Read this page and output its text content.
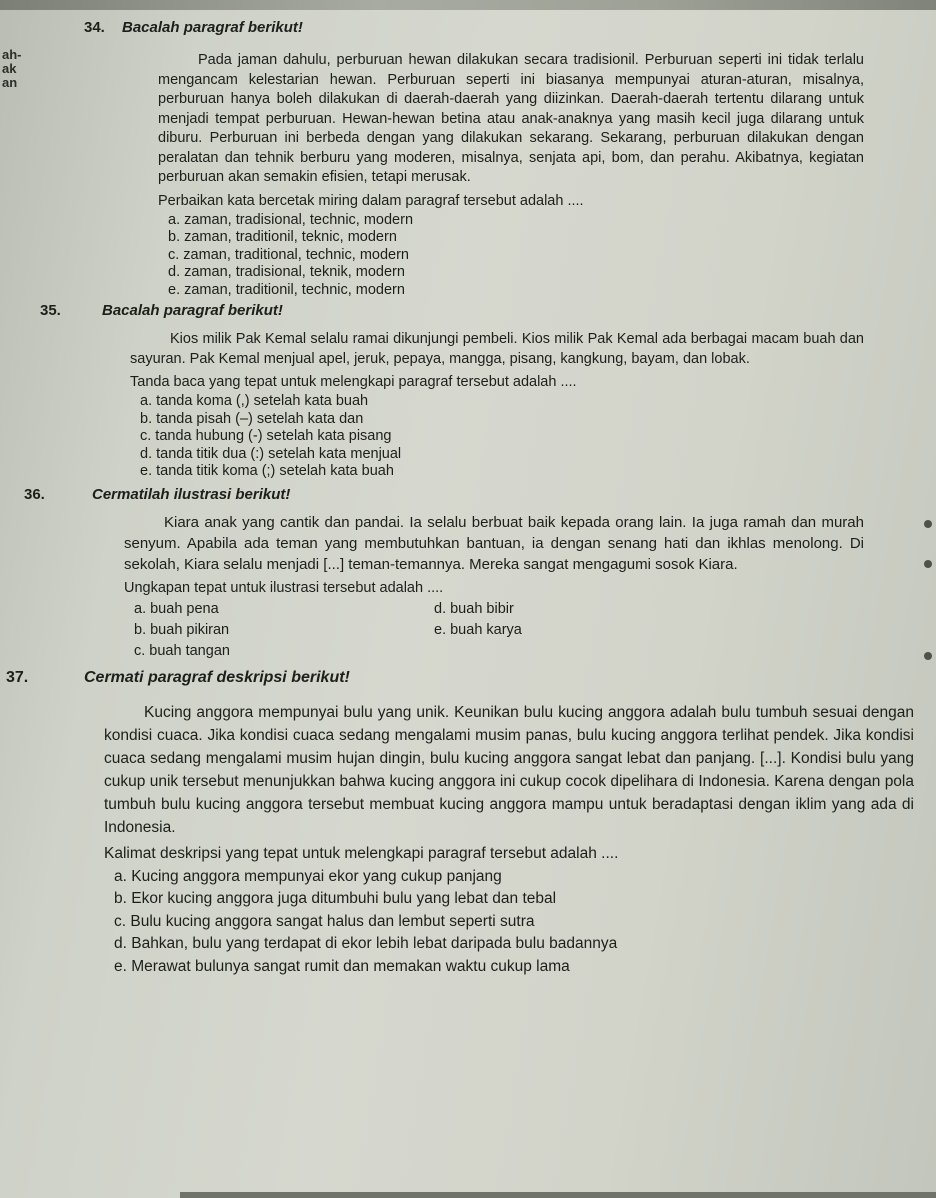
ah-
ak
an
34.	Bacalah paragraf berikut!

Pada jaman dahulu, perburuan hewan dilakukan secara tradisionil. Perburuan seperti ini tidak terlalu mengancam kelestarian hewan. Perburuan seperti ini biasanya mempunyai aturan-aturan, misalnya, perburuan hanya boleh dilakukan di daerah-daerah yang diizinkan. Daerah-daerah tertentu dilarang untuk menjadi tempat perburuan. Hewan-hewan betina atau anak-anaknya yang masih kecil juga dilarang untuk diburu. Perburuan ini berbeda dengan yang dilakukan sekarang. Sekarang, perburuan dilakukan dengan peralatan dan tehnik berburu yang moderen, misalnya, senjata api, bom, dan perahu. Akibatnya, kegiatan perburuan akan semakin efisien, tetapi merusak.

Perbaikan kata bercetak miring dalam paragraf tersebut adalah ....
a. zaman, tradisional, technic, modern
b. zaman, traditionil, teknic, modern
c. zaman, traditional, technic, modern
d. zaman, tradisional, teknik, modern
e. zaman, traditionil, technic, modern
35.	Bacalah paragraf berikut!

Kios milik Pak Kemal selalu ramai dikunjungi pembeli. Kios milik Pak Kemal ada berbagai macam buah dan sayuran. Pak Kemal menjual apel, jeruk, pepaya, mangga, pisang, kangkung, bayam, dan lobak.

Tanda baca yang tepat untuk melengkapi paragraf tersebut adalah ....
a. tanda koma (,) setelah kata buah
b. tanda pisah (–) setelah kata dan
c. tanda hubung (-) setelah kata pisang
d. tanda titik dua (:) setelah kata menjual
e. tanda titik koma (;) setelah kata buah
36.	Cermatilah ilustrasi berikut!

Kiara anak yang cantik dan pandai. Ia selalu berbuat baik kepada orang lain. Ia juga ramah dan murah senyum. Apabila ada teman yang membutuhkan bantuan, ia dengan senang hati dan ikhlas menolong. Di sekolah, Kiara selalu menjadi [...] teman-temannya. Mereka sangat mengagumi sosok Kiara.

Ungkapan tepat untuk ilustrasi tersebut adalah ....
a. buah pena	d. buah bibir
b. buah pikiran	e. buah karya
c. buah tangan
37.	Cermati paragraf deskripsi berikut!

Kucing anggora mempunyai bulu yang unik. Keunikan bulu kucing anggora adalah bulu tumbuh sesuai dengan kondisi cuaca. Jika kondisi cuaca sedang mengalami musim panas, bulu kucing anggora terlihat pendek. Jika kondisi cuaca sedang mengalami musim hujan dingin, bulu kucing anggora sangat lebat dan panjang. [...]. Kondisi bulu yang cukup unik tersebut menunjukkan bahwa kucing anggora ini cukup cocok dipelihara di Indonesia. Karena dengan pola tumbuh bulu kucing anggora tersebut membuat kucing anggora mampu untuk beradaptasi dengan iklim yang ada di Indonesia.

Kalimat deskripsi yang tepat untuk melengkapi paragraf tersebut adalah ....
a. Kucing anggora mempunyai ekor yang cukup panjang
b. Ekor kucing anggora juga ditumbuhi bulu yang lebat dan tebal
c. Bulu kucing anggora sangat halus dan lembut seperti sutra
d. Bahkan, bulu yang terdapat di ekor lebih lebat daripada bulu badannya
e. Merawat bulunya sangat rumit dan memakan waktu cukup lama
